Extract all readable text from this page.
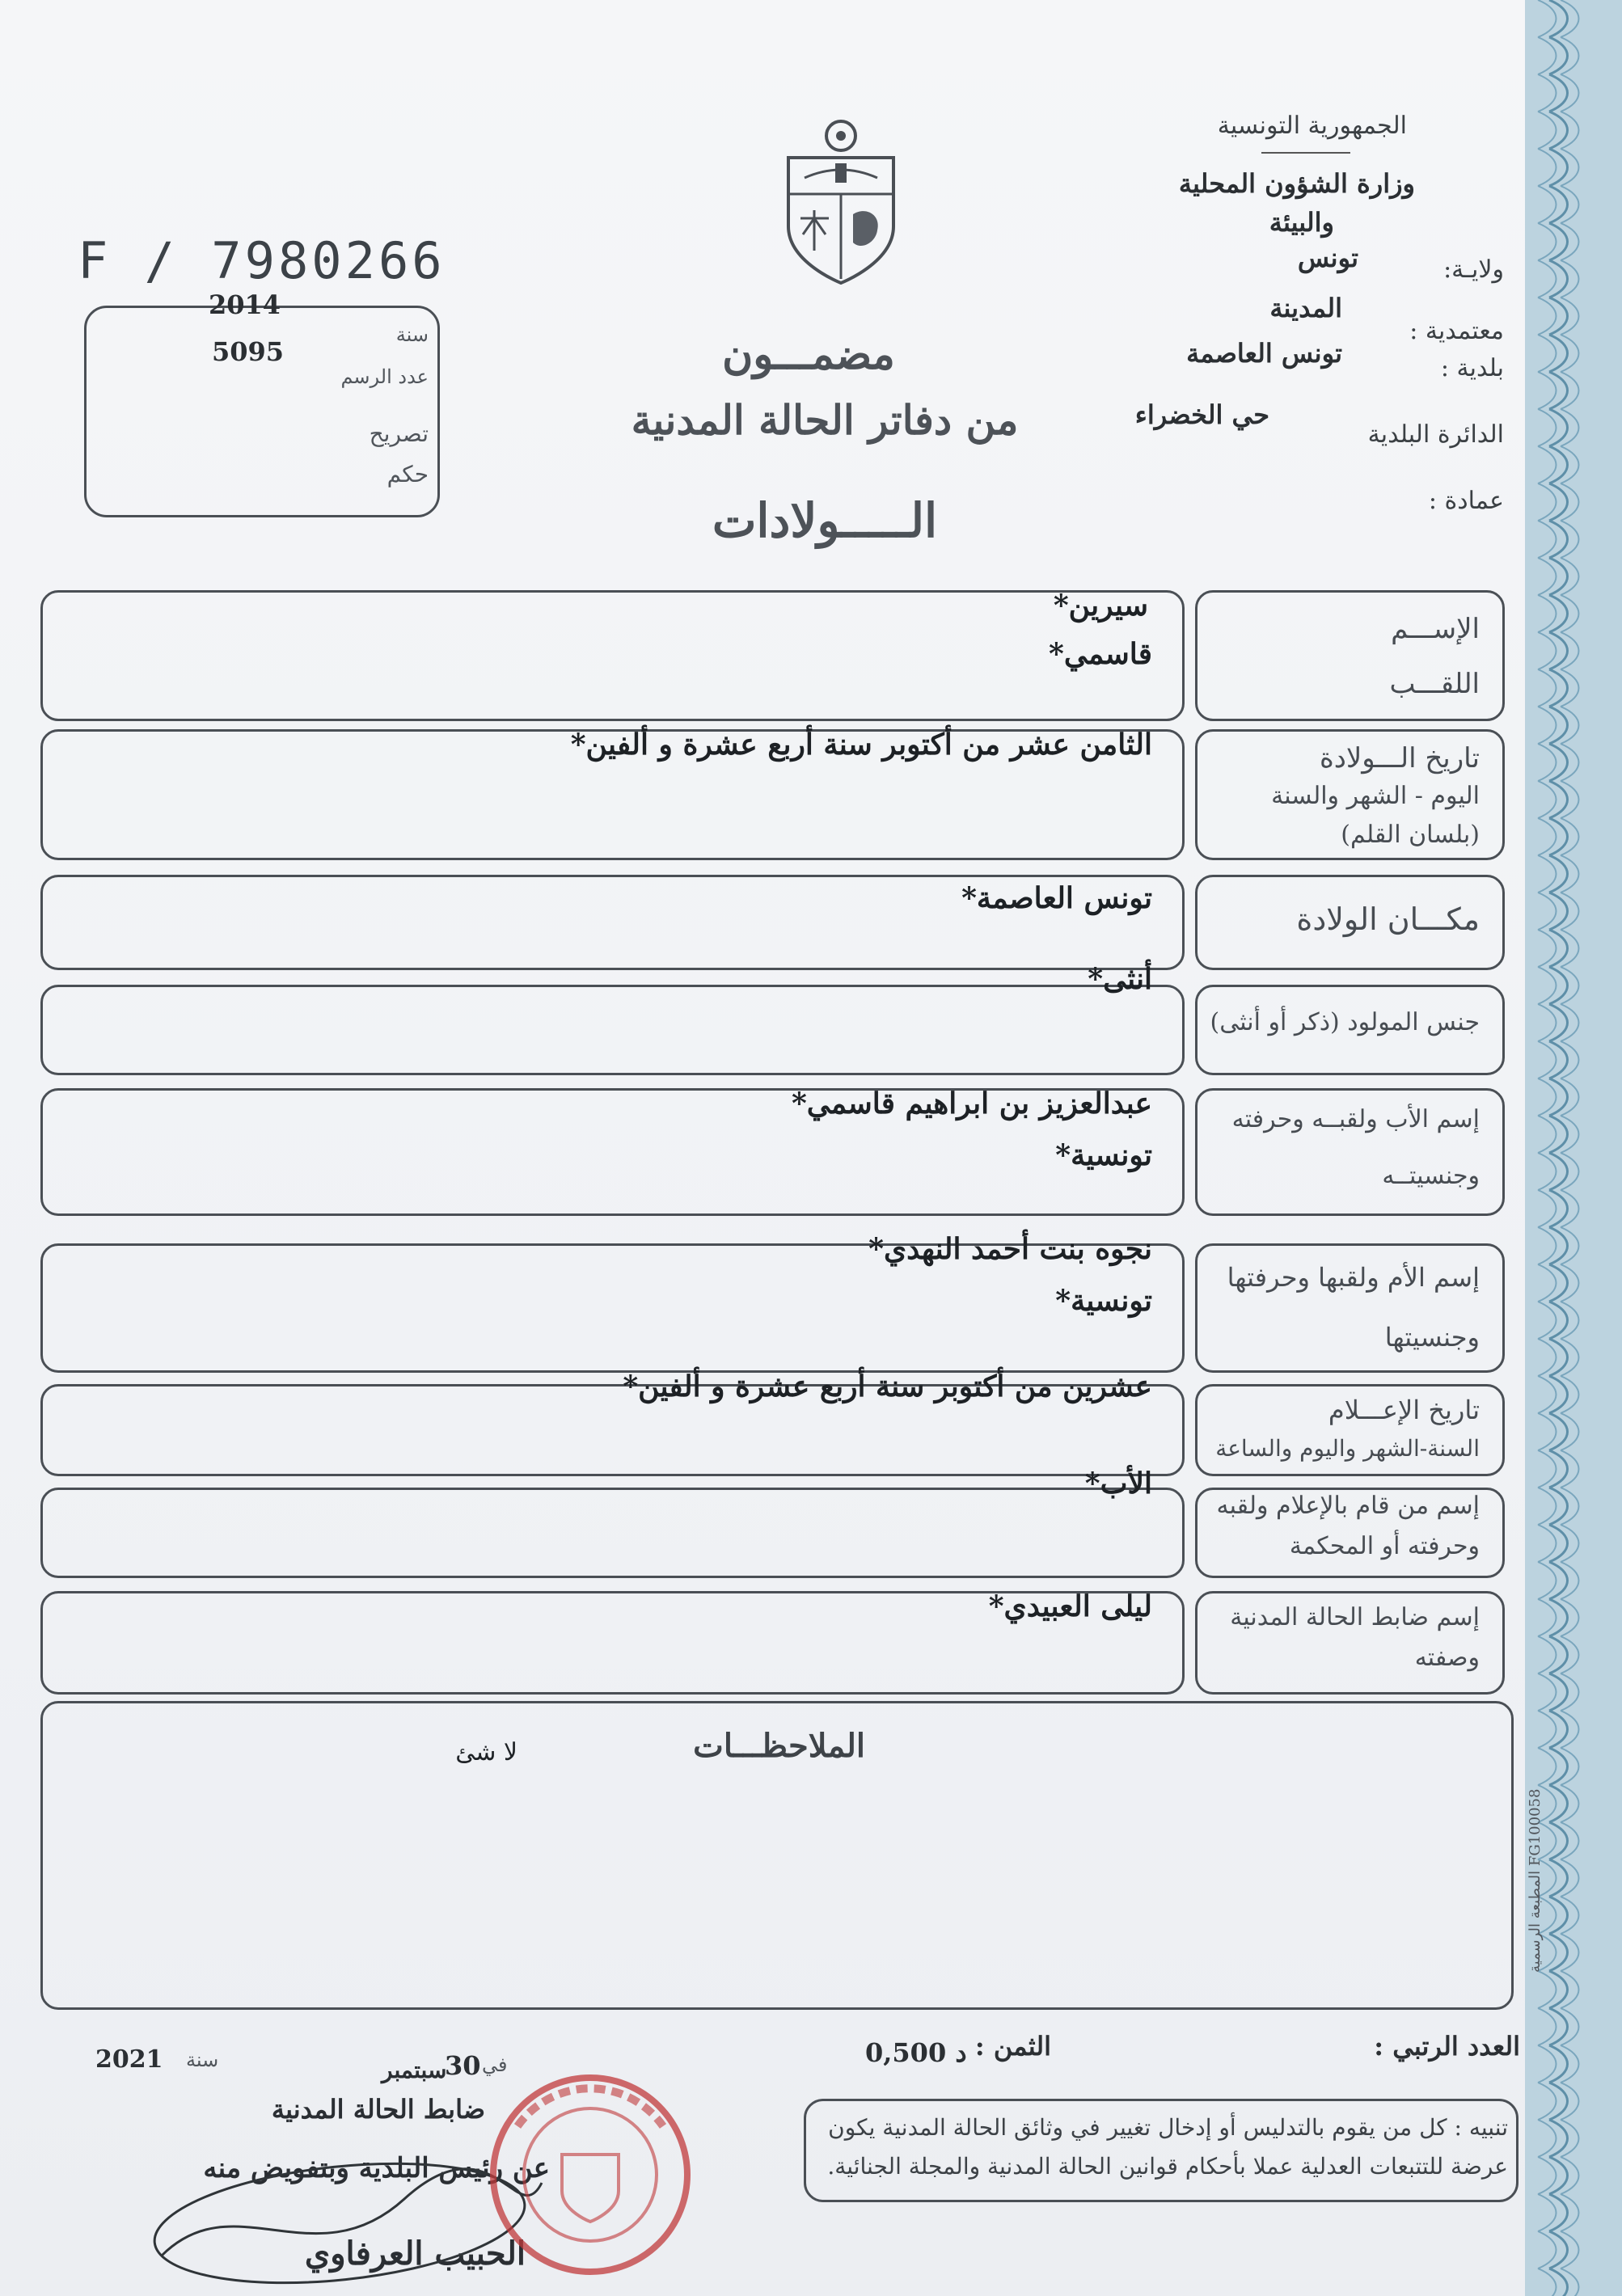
الجمهورية التونسية
وزارة الشؤون المحلية
والبيئة
ولايـة:
تونس
معتمدية :
المدينة
بلدية :
تونس العاصمة
الدائرة البلدية
حي الخضراء
عمادة :
F / 7980266
2014
5095
سنة
عدد الرسم
تصريح
حكم
مضمـــون
من دفاتر الحالة المدنية
الـــــولادات
الإســـم
اللقـــب
سيرين*
قاسمي*
تاريخ الـــولادة
اليوم - الشهر والسنة
(بلسان القلم)
الثامن عشر من أكتوبر سنة أربع عشرة و ألفين*
مكـــان الولادة
تونس العاصمة*
جنس المولود (ذكر أو أنثى)
أنثى*
إسم الأب ولقبــه وحرفته
وجنسيتــه
عبدالعزيز بن ابراهيم قاسمي*
تونسية*
إسم الأم ولقبها وحرفتها
وجنسيتها
نجوه بنت أحمد النهدي*
تونسية*
تاريخ الإعـــلام
السنة-الشهر واليوم والساعة
عشرين من أكتوبر سنة أربع عشرة و ألفين*
إسم من قام بالإعلام ولقبه
وحرفته أو المحكمة
الأب*
إسم ضابط الحالة المدنية
وصفته
ليلى العبيدي*
الملاحظـــات
لا شئ
المطبعة الرسمية FG100058
العدد الرتبي :
الثمن :
0,500 د
2021 سنة	سبتمبر
30 في
ضابط الحالة المدنية
عن رئيس البلدية وبتفويض منه
الحبيب العرفاوي
تنبيه : كل من يقوم بالتدليس أو إدخال تغيير في وثائق الحالة المدنية يكون عرضة للتتبعات العدلية عملا بأحكام قوانين الحالة المدنية والمجلة الجنائية.
